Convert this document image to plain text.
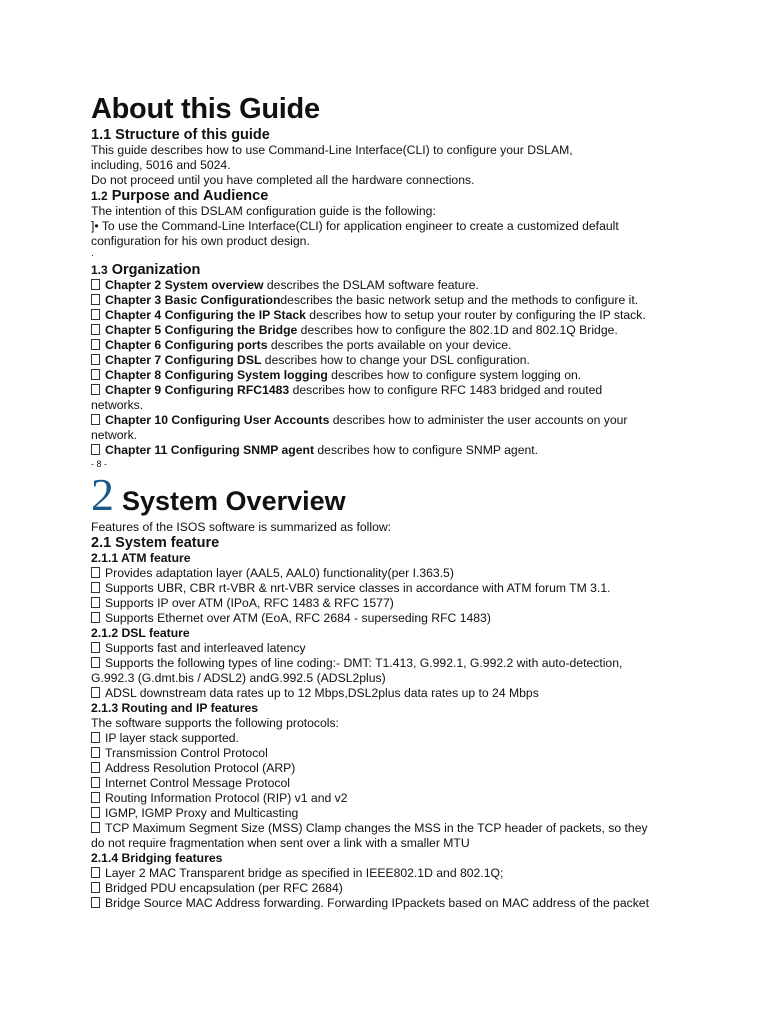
About this Guide
1.1 Structure of this guide

This guide describes how to use Command-Line Interface(CLI) to configure your DSLAM,

including, 5016 and 5024.

Do not proceed until you have completed all the hardware connections.

1.2 Purpose and Audience

The intention of this DSLAM configuration guide is the following:

]• To use the Command-Line Interface(CLI) for application engineer to create a customized default

configuration for his own product design.

.

1.3 Organization

Chapter 2 System overview describes the DSLAM software feature.

Chapter 3 Basic Configurationdescribes the basic network setup and the methods to configure it.

Chapter 4 Configuring the IP Stack describes how to setup your router by configuring the IP stack.

Chapter 5 Configuring the Bridge describes how to configure the 802.1D and 802.1Q Bridge.

Chapter 6 Configuring ports describes the ports available on your device.

Chapter 7 Configuring DSL describes how to change your DSL configuration.

Chapter 8 Configuring System logging describes how to configure system logging on.

Chapter 9 Configuring RFC1483 describes how to configure RFC 1483 bridged and routed

networks.

Chapter 10 Configuring User Accounts describes how to administer the user accounts on your

network.

Chapter 11 Configuring SNMP agent describes how to configure SNMP agent.

- 8 -

2 System Overview

Features of the ISOS software is summarized as follow:

2.1 System feature
2.1.1 ATM feature

Provides adaptation layer (AAL5, AAL0) functionality(per I.363.5)

Supports UBR, CBR rt-VBR & nrt-VBR service classes in accordance with ATM forum TM 3.1.

Supports IP over ATM (IPoA, RFC 1483 & RFC 1577)

Supports Ethernet over ATM (EoA, RFC 2684 - superseding RFC 1483)

2.1.2 DSL feature

Supports fast and interleaved latency

Supports the following types of line coding:- DMT: T1.413, G.992.1, G.992.2 with auto-detection,

G.992.3 (G.dmt.bis / ADSL2) andG.992.5 (ADSL2plus)

ADSL downstream data rates up to 12 Mbps,DSL2plus data rates up to 24 Mbps

2.1.3 Routing and IP features

The software supports the following protocols:

IP layer stack supported.

Transmission Control Protocol

Address Resolution Protocol (ARP)

Internet Control Message Protocol

Routing Information Protocol (RIP) v1 and v2

IGMP, IGMP Proxy and Multicasting

TCP Maximum Segment Size (MSS) Clamp changes the MSS in the TCP header of packets, so they

do not require fragmentation when sent over a link with a smaller MTU

2.1.4 Bridging features

Layer 2 MAC Transparent bridge as specified in IEEE802.1D and 802.1Q;

Bridged PDU encapsulation (per RFC 2684)

Bridge Source MAC Address forwarding. Forwarding IPpackets based on MAC address of the packet
